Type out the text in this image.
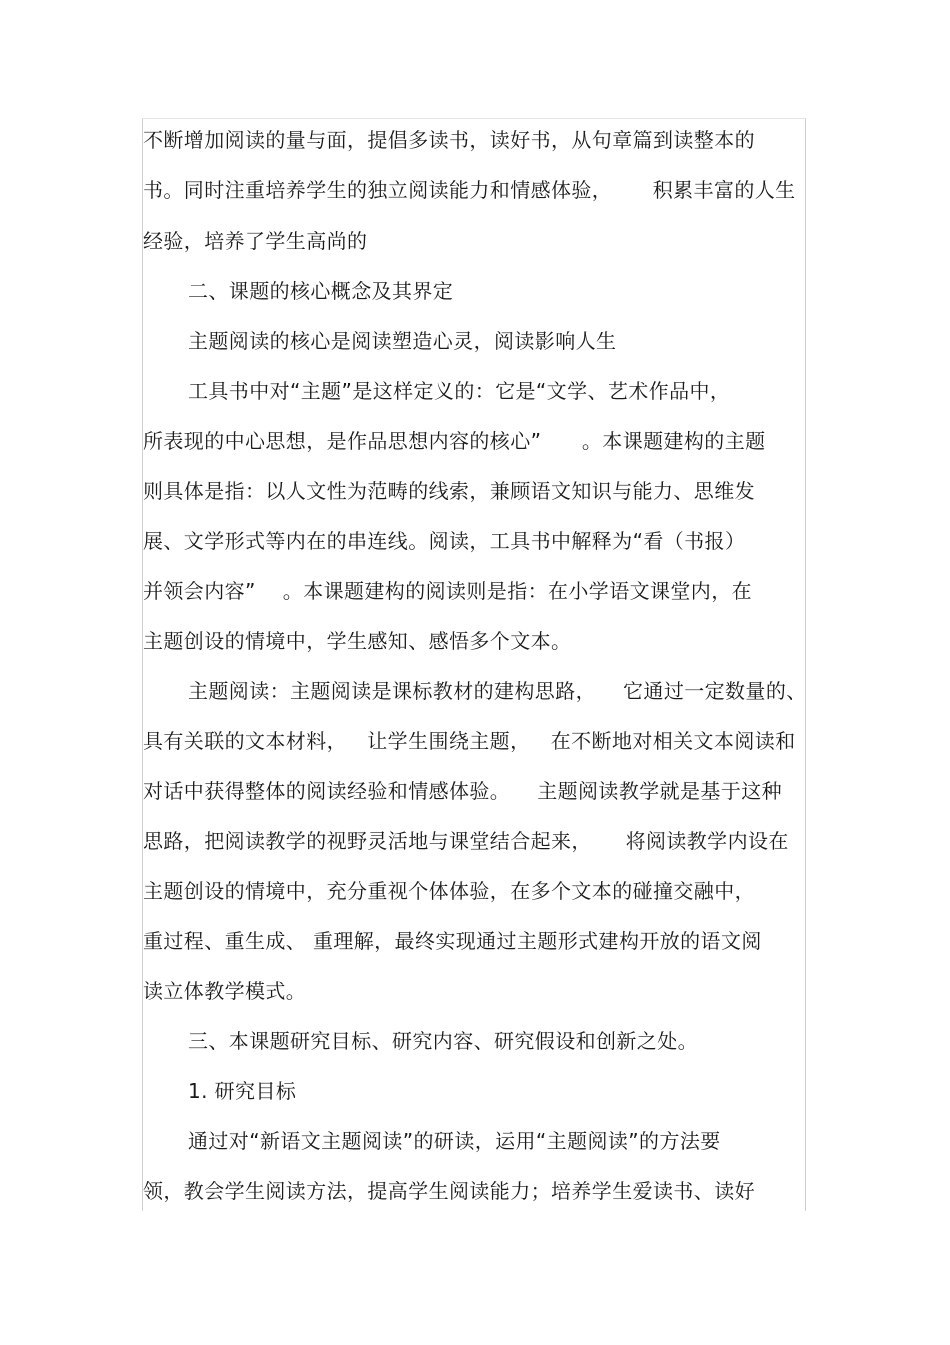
不断增加阅读的量与面，提倡多读书，读好书，从句章篇到读整本的
书。同时注重培养学生的独立阅读能力和情感体验，      积累丰富的人生
经验，培养了学生高尚的
二、课题的核心概念及其界定
主题阅读的核心是阅读塑造心灵，阅读影响人生
工具书中对“主题”是这样定义的：它是“文学、艺术作品中，
所表现的中心思想，是作品思想内容的核心”      。本课题建构的主题
则具体是指：以人文性为范畴的线索，兼顾语文知识与能力、思维发
展、文学形式等内在的串连线。阅读，工具书中解释为“看（书报）
并领会内容”    。本课题建构的阅读则是指：在小学语文课堂内，在
主题创设的情境中，学生感知、感悟多个文本。
主题阅读：主题阅读是课标教材的建构思路，    它通过一定数量的、
具有关联的文本材料，   让学生围绕主题，   在不断地对相关文本阅读和
对话中获得整体的阅读经验和情感体验。    主题阅读教学就是基于这种
思路，把阅读教学的视野灵活地与课堂结合起来，     将阅读教学内设在
主题创设的情境中，充分重视个体体验，在多个文本的碰撞交融中，
重过程、重生成、 重理解，最终实现通过主题形式建构开放的语文阅
读立体教学模式。
三、本课题研究目标、研究内容、研究假设和创新之处。
1. 研究目标
通过对“新语文主题阅读”的研读，运用“主题阅读”的方法要
领，教会学生阅读方法，提高学生阅读能力；培养学生爱读书、读好
